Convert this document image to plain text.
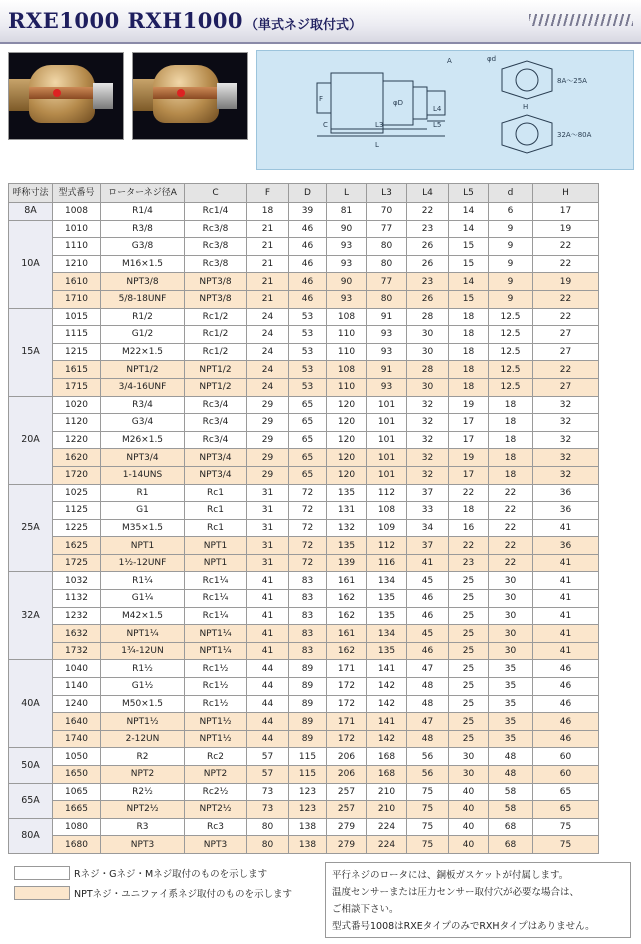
RXE1000 RXH1000 （単式ネジ取付式）
A	φd
F	φD
L4
L5
L3
L
C
H
8A～25A
32A～80A
呼称寸法	型式番号	ローターネジ径A	C	F	D	L	L3	L4	L5	d	H
8A	1008	R1/4	Rc1/4	18	39	81	70	22	14	6	17
10A	1010	R3/8	Rc3/8	21	46	90	77	23	14	9	19
	1110	G3/8	Rc3/8	21	46	93	80	26	15	9	22
	1210	M16×1.5	Rc3/8	21	46	93	80	26	15	9	22
	1610	NPT3/8	NPT3/8	21	46	90	77	23	14	9	19
	1710	5/8-18UNF	NPT3/8	21	46	93	80	26	15	9	22
15A	1015	R1/2	Rc1/2	24	53	108	91	28	18	12.5	22
	1115	G1/2	Rc1/2	24	53	110	93	30	18	12.5	27
	1215	M22×1.5	Rc1/2	24	53	110	93	30	18	12.5	27
	1615	NPT1/2	NPT1/2	24	53	108	91	28	18	12.5	22
	1715	3/4-16UNF	NPT1/2	24	53	110	93	30	18	12.5	27
20A	1020	R3/4	Rc3/4	29	65	120	101	32	19	18	32
	1120	G3/4	Rc3/4	29	65	120	101	32	17	18	32
	1220	M26×1.5	Rc3/4	29	65	120	101	32	17	18	32
	1620	NPT3/4	NPT3/4	29	65	120	101	32	19	18	32
	1720	1-14UNS	NPT3/4	29	65	120	101	32	17	18	32
25A	1025	R1	Rc1	31	72	135	112	37	22	22	36
	1125	G1	Rc1	31	72	131	108	33	18	22	36
	1225	M35×1.5	Rc1	31	72	132	109	34	16	22	41
	1625	NPT1	NPT1	31	72	135	112	37	22	22	36
	1725	1½-12UNF	NPT1	31	72	139	116	41	23	22	41
32A	1032	R1¼	Rc1¼	41	83	161	134	45	25	30	41
	1132	G1¼	Rc1¼	41	83	162	135	46	25	30	41
	1232	M42×1.5	Rc1¼	41	83	162	135	46	25	30	41
	1632	NPT1¼	NPT1¼	41	83	161	134	45	25	30	41
	1732	1¾-12UN	NPT1¼	41	83	162	135	46	25	30	41
40A	1040	R1½	Rc1½	44	89	171	141	47	25	35	46
	1140	G1½	Rc1½	44	89	172	142	48	25	35	46
	1240	M50×1.5	Rc1½	44	89	172	142	48	25	35	46
	1640	NPT1½	NPT1½	44	89	171	141	47	25	35	46
	1740	2-12UN	NPT1½	44	89	172	142	48	25	35	46
50A	1050	R2	Rc2	57	115	206	168	56	30	48	60
	1650	NPT2	NPT2	57	115	206	168	56	30	48	60
65A	1065	R2½	Rc2½	73	123	257	210	75	40	58	65
	1665	NPT2½	NPT2½	73	123	257	210	75	40	58	65
80A	1080	R3	Rc3	80	138	279	224	75	40	68	75
	1680	NPT3	NPT3	80	138	279	224	75	40	68	75
Rネジ・Gネジ・Mネジ取付のものを示します
NPTネジ・ユニファイ系ネジ取付のものを示します
平行ネジのロータには、銅板ガスケットが付属します。
温度センサーまたは圧力センサー取付穴が必要な場合は、
ご相談下さい。
型式番号1008はRXEタイプのみでRXHタイプはありません。
